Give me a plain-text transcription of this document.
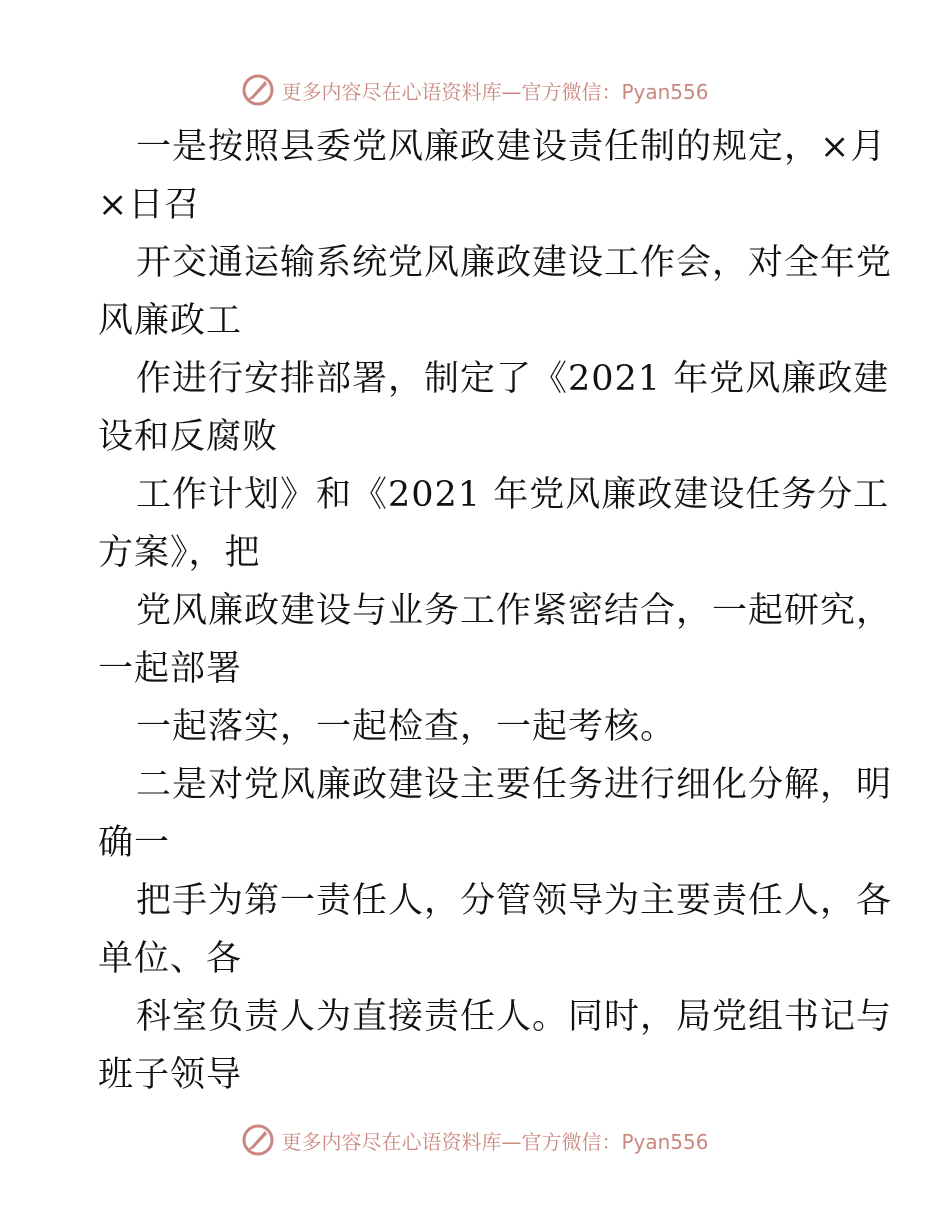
更多内容尽在心语资料库—官方微信：Pyan556
一是按照县委党风廉政建设责任制的规定，×月
×日召
开交通运输系统党风廉政建设工作会，对全年党
风廉政工
作进行安排部署，制定了《2021 年党风廉政建
设和反腐败
工作计划》和《2021 年党风廉政建设任务分工
方案》，把
党风廉政建设与业务工作紧密结合，一起研究，
一起部署
一起落实，一起检查，一起考核。
二是对党风廉政建设主要任务进行细化分解，明
确一
把手为第一责任人，分管领导为主要责任人，各
单位、各
科室负责人为直接责任人。同时，局党组书记与
班子领导
更多内容尽在心语资料库—官方微信：Pyan556
